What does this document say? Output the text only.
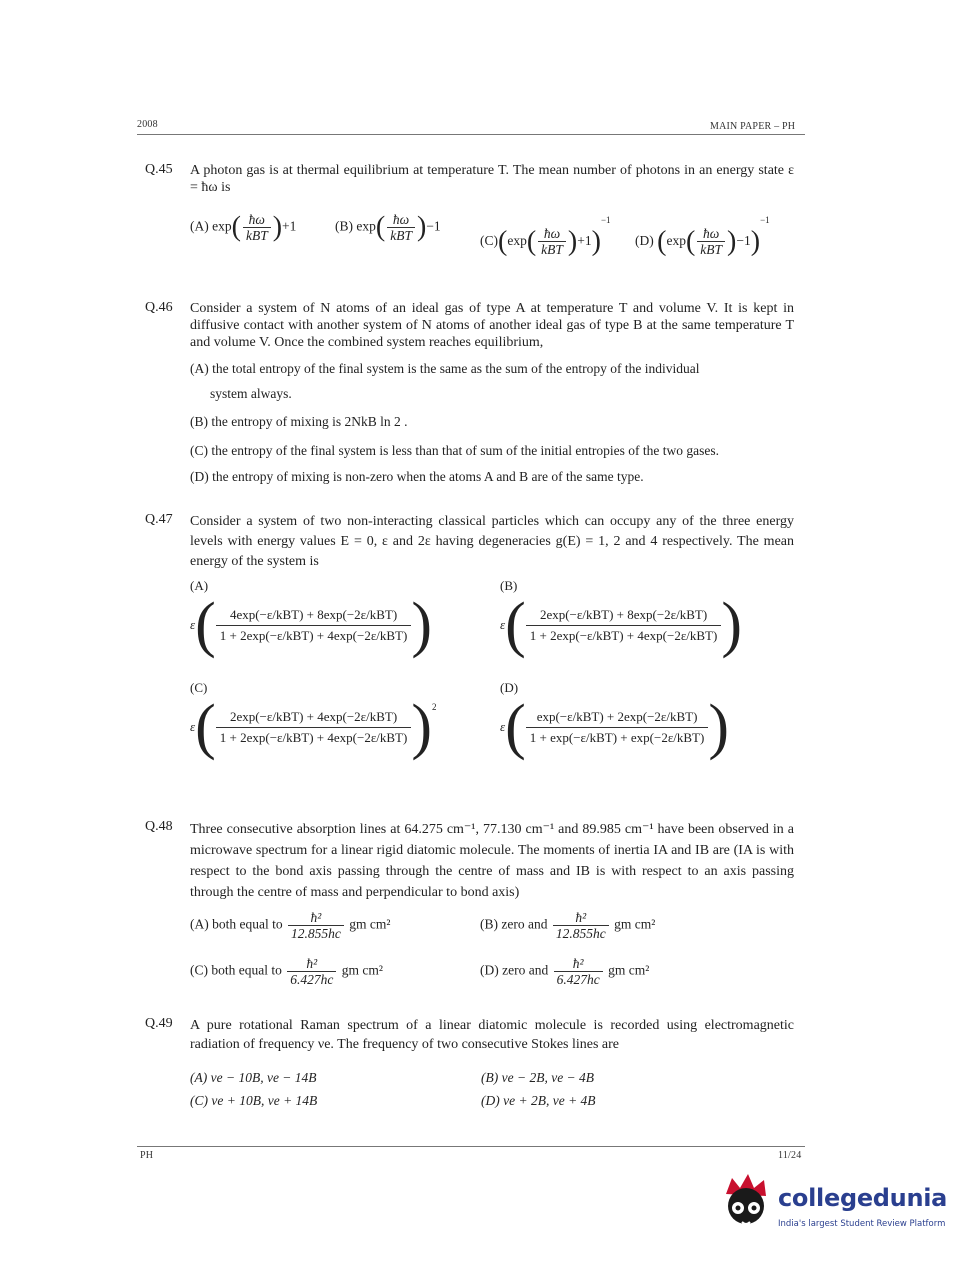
2008	MAIN PAPER – PH
Q.45 A photon gas is at thermal equilibrium at temperature T. The mean number of photons in an energy state ε = ħω is
(A) $\exp( \frac{ħ\omega}{\text{kBT}} )+1$	(B) $\exp( \frac{ħ\omega}{\text{kBT}} )-1$
$(C)(\exp( \frac{ħ\omega}{\text{kBT}} )+1)^{-1}$
(D) $(\exp( \frac{ħ\omega}{\text{kBT}} )-1)^{-1}$
Q.46 Consider a system of N atoms of an ideal gas of type A at temperature T and volume V. It is kept in diffusive contact with another system of N atoms of another ideal gas of type B at the same temperature T and volume V. Once the combined system reaches equilibrium,
(A) the total entropy of the final system is the same as the sum of the entropy of the individual
system always.
(B) the entropy of mixing is 2NkB ln 2 .
(C) the entropy of the final system is less than that of sum of the initial entropies of the two gases.
(D) the entropy of mixing is non-zero when the atoms A and B are of the same type.
Q.47 Consider a system of two non-interacting classical particles which can occupy any of the three energy levels with energy values E = 0, ε and 2ε having degeneracies g(E) = 1, 2 and 4 respectively. The mean energy of the system is
(A)
ε (	4exp(−ε/kBT) + 8exp(−2ε/kBT)
1 + 2exp(−ε/kBT) + 4exp(−2ε/kBT) )
(B)
ε (	2exp(−ε/kBT) + 8exp(−2ε/kBT)
1 + 2exp(−ε/kBT) + 4exp(−2ε/kBT) )
(C)
ε (	2exp(−ε/kBT) + 4exp(−2ε/kBT)
1 + 2exp(−ε/kBT) + 4exp(−2ε/kBT) ) 2
(D)
ε ( exp(−ε/kBT) + 2exp(−2ε/kBT)
1 + exp(−ε/kBT) + exp(−2ε/kBT) )
Q.48 Three consecutive absorption lines at 64.275 cm⁻¹, 77.130 cm⁻¹ and 89.985 cm⁻¹ have been observed in a microwave spectrum for a linear rigid diatomic molecule. The moments of inertia IA and IB are (IA is with respect to the bond axis passing through the centre of mass and IB is with respect to an axis passing through the centre of mass and perpendicular to bond axis)
(A) both equal to $\frac{\text{ħ²}}{12.855hc}$ gm cm²	(B) zero and $\frac{\text{ħ²}}{12.855hc}$ gm cm²
(C) both equal to $\frac{\text{ħ²}}{6.427hc}$ gm cm²	(D) zero and $\frac{\text{ħ²}}{6.427hc}$ gm cm²
Q.49 A pure rotational Raman spectrum of a linear diatomic molecule is recorded using electromagnetic radiation of frequency νe. The frequency of two consecutive Stokes lines are
(A) νe − 10B, νe − 14B	(B) νe − 2B, νe − 4B
(C) νe + 10B, νe + 14B	(D) νe + 2B, νe + 4B
PH	11/24
collegedunia
India's largest Student Review Platform
